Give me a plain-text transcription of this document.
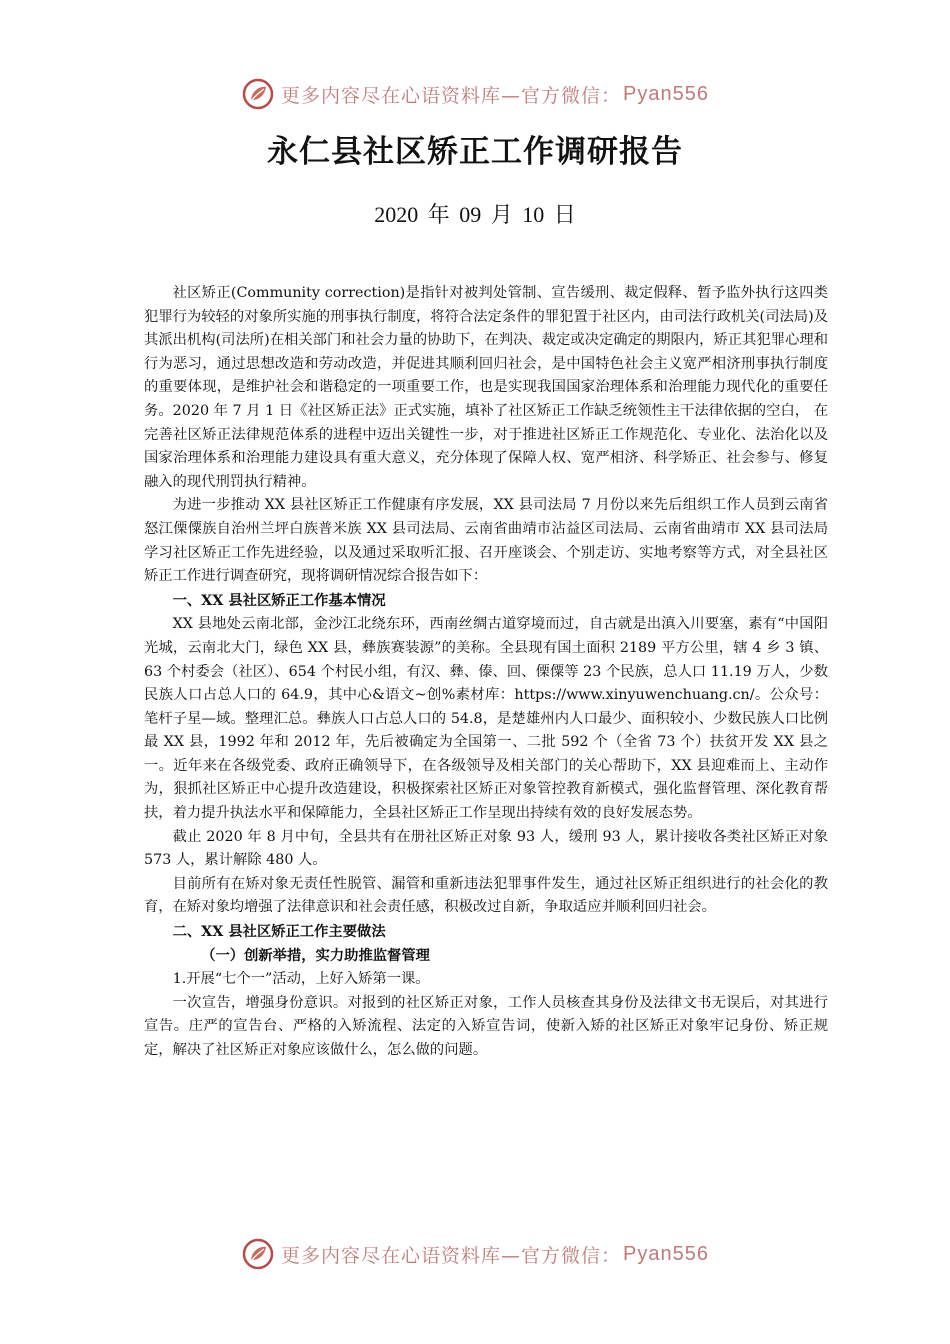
更多内容尽在心语资料库—官方微信： Pyan556
永仁县社区矫正工作调研报告
2020 年 09 月 10 日

社区矫正(Community correction)是指针对被判处管制、宣告缓刑、裁定假释、暂予监外执行这四类犯罪行为较轻的对象所实施的刑事执行制度，将符合法定条件的罪犯置于社区内，由司法行政机关(司法局)及其派出机构(司法所)在相关部门和社会力量的协助下，在判决、裁定或决定确定的期限内，矫正其犯罪心理和行为恶习，通过思想改造和劳动改造，并促进其顺利回归社会，是中国特色社会主义宽严相济刑事执行制度的重要体现，是维护社会和谐稳定的一项重要工作，也是实现我国国家治理体系和治理能力现代化的重要任务。2020 年 7 月 1 日《社区矫正法》正式实施，填补了社区矫正工作缺乏统领性主干法律依据的空白， 在完善社区矫正法律规范体系的进程中迈出关键性一步，对于推进社区矫正工作规范化、专业化、法治化以及国家治理体系和治理能力建设具有重大意义，充分体现了保障人权、宽严相济、科学矫正、社会参与、修复融入的现代刑罚执行精神。

为进一步推动 XX 县社区矫正工作健康有序发展，XX 县司法局 7 月份以来先后组织工作人员到云南省怒江傈僳族自治州兰坪白族普米族 XX 县司法局、云南省曲靖市沾益区司法局、云南省曲靖市 XX 县司法局学习社区矫正工作先进经验，以及通过采取听汇报、召开座谈会、个别走访、实地考察等方式，对全县社区矫正工作进行调查研究，现将调研情况综合报告如下：

一、XX 县社区矫正工作基本情况

XX 县地处云南北部，金沙江北绕东环，西南丝绸古道穿境而过，自古就是出滇入川要塞，素有“中国阳光城，云南北大门，绿色 XX 县，彝族赛装源”的美称。全县现有国土面积 2189 平方公里，辖 4 乡 3 镇、63 个村委会（社区）、654 个村民小组，有汉、彝、傣、回、傈僳等 23 个民族，总人口 11.19 万人，少数民族人口占总人口的 64.9，其中心&语文~创%素材库：https://www.xinyuwenchuang.cn/。公众号：笔杆子星—域。整理汇总。彝族人口占总人口的 54.8，是楚雄州内人口最少、面积较小、少数民族人口比例最 XX 县，1992 年和 2012 年，先后被确定为全国第一、二批 592 个（全省 73 个）扶贫开发 XX 县之一。近年来在各级党委、政府正确领导下，在各级领导及相关部门的关心帮助下，XX 县迎难而上、主动作为，狠抓社区矫正中心提升改造建设，积极探索社区矫正对象管控教育新模式，强化监督管理、深化教育帮扶，着力提升执法水平和保障能力，全县社区矫正工作呈现出持续有效的良好发展态势。

截止 2020 年 8 月中旬，全县共有在册社区矫正对象 93 人，缓刑 93 人，累计接收各类社区矫正对象 573 人，累计解除 480 人。

目前所有在矫对象无责任性脱管、漏管和重新违法犯罪事件发生，通过社区矫正组织进行的社会化的教育，在矫对象均增强了法律意识和社会责任感，积极改过自新，争取适应并顺利回归社会。

二、XX 县社区矫正工作主要做法

（一）创新举措，实力助推监督管理

1.开展“七个一”活动，上好入矫第一课。

一次宣告，增强身份意识。对报到的社区矫正对象，工作人员核查其身份及法律文书无误后，对其进行宣告。庄严的宣告台、严格的入矫流程、法定的入矫宣告词，使新入矫的社区矫正对象牢记身份、矫正规定，解决了社区矫正对象应该做什么，怎么做的问题。

更多内容尽在心语资料库—官方微信： Pyan556
